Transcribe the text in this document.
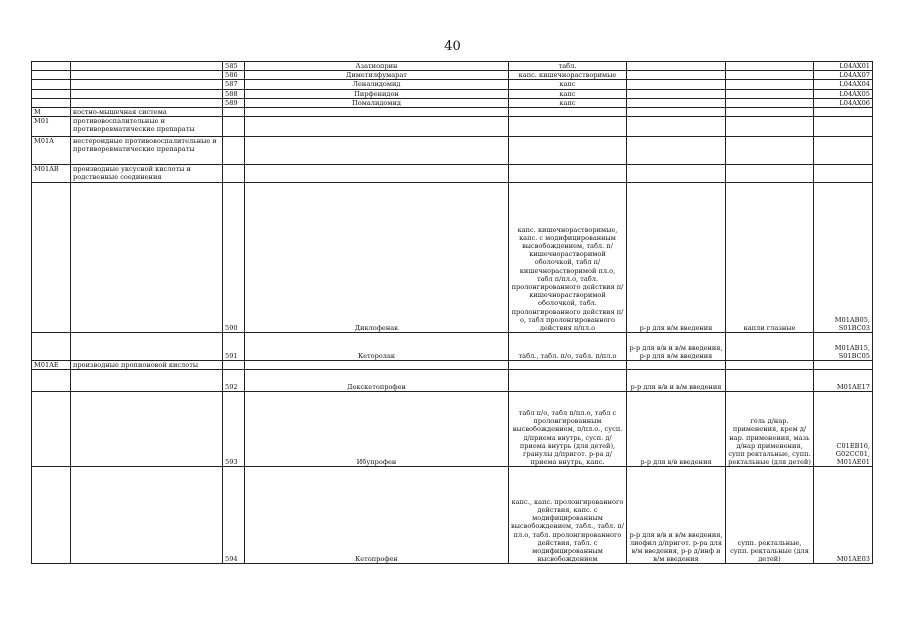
40
		585	Азатиоприн	табл.			L04AX01
		586	Диметилфумарат	капс. кишечнорастворимые			L04AX07
		587	Леналидомид	капс			L04AX04
		588	Пирфенидон	капс			L04AX05
		589	Помалидомид	капс			L04AX06
M	костно-мышечная система						
M01	противовоспалительные и противоревматические препараты						
M01A	нестероидные противовоспалительные и противоревматические препараты						
M01AB	производные уксусной кислоты и родственные соединения						
		590	Диклофенак	капс. кишечнорастворимые, капс. с модифицированным высвобождением, табл. п/кишечнорастворимой оболочкой, табл п/кишечнорастворимой пл.о, табл п/пл.о, табл. пролонгированного действия п/кишечнорастворимой оболочкой, табл. пролонгированного действия п/о, табл пролонгированного действия п/пл.о	р-р для в/м введения	капли глазные	M01AB05, S01BC03
		591	Кеторолак	табл., табл. п/о, табл. п/пл.о	р-р для в/в и в/м введения, р-р для в/м введения		M01AB15, S01BC05
M01AE	производные пропионовой кислоты						
		592	Декскетопрофен		р-р для в/в и в/м введения		M01AE17
		593	Ибупрофен	табл п/о, табл п/пл.о, табл с пролонгированным высвобождением, п/пл.о., сусп. д/приема внутрь, сусп. д/приема внутрь (для детей), гранулы д/пригот. р-ра д/приема внутрь, капс.	р-р для в/в введения	гель д/нар. применения, крем д/нар. применения, мазь д/нар применения, супп ректальные, супп. ректальные (для детей)	C01EB16, G02CC01, M01AE01
		594	Кетопрофен	капс., капс. пролонгированного действия, капс. с модифицированным высвобождением, табл., табл. п/пл.о, табл. пролонгированного действия, табл. с модифицированным высвобождением	р-р для в/в и в/м введения, лиофил д/пригот. р-ра для в/м введения, р-р д/инф и в/м введения	супп. ректальные, супп. ректальные (для детей)	M01AE03
